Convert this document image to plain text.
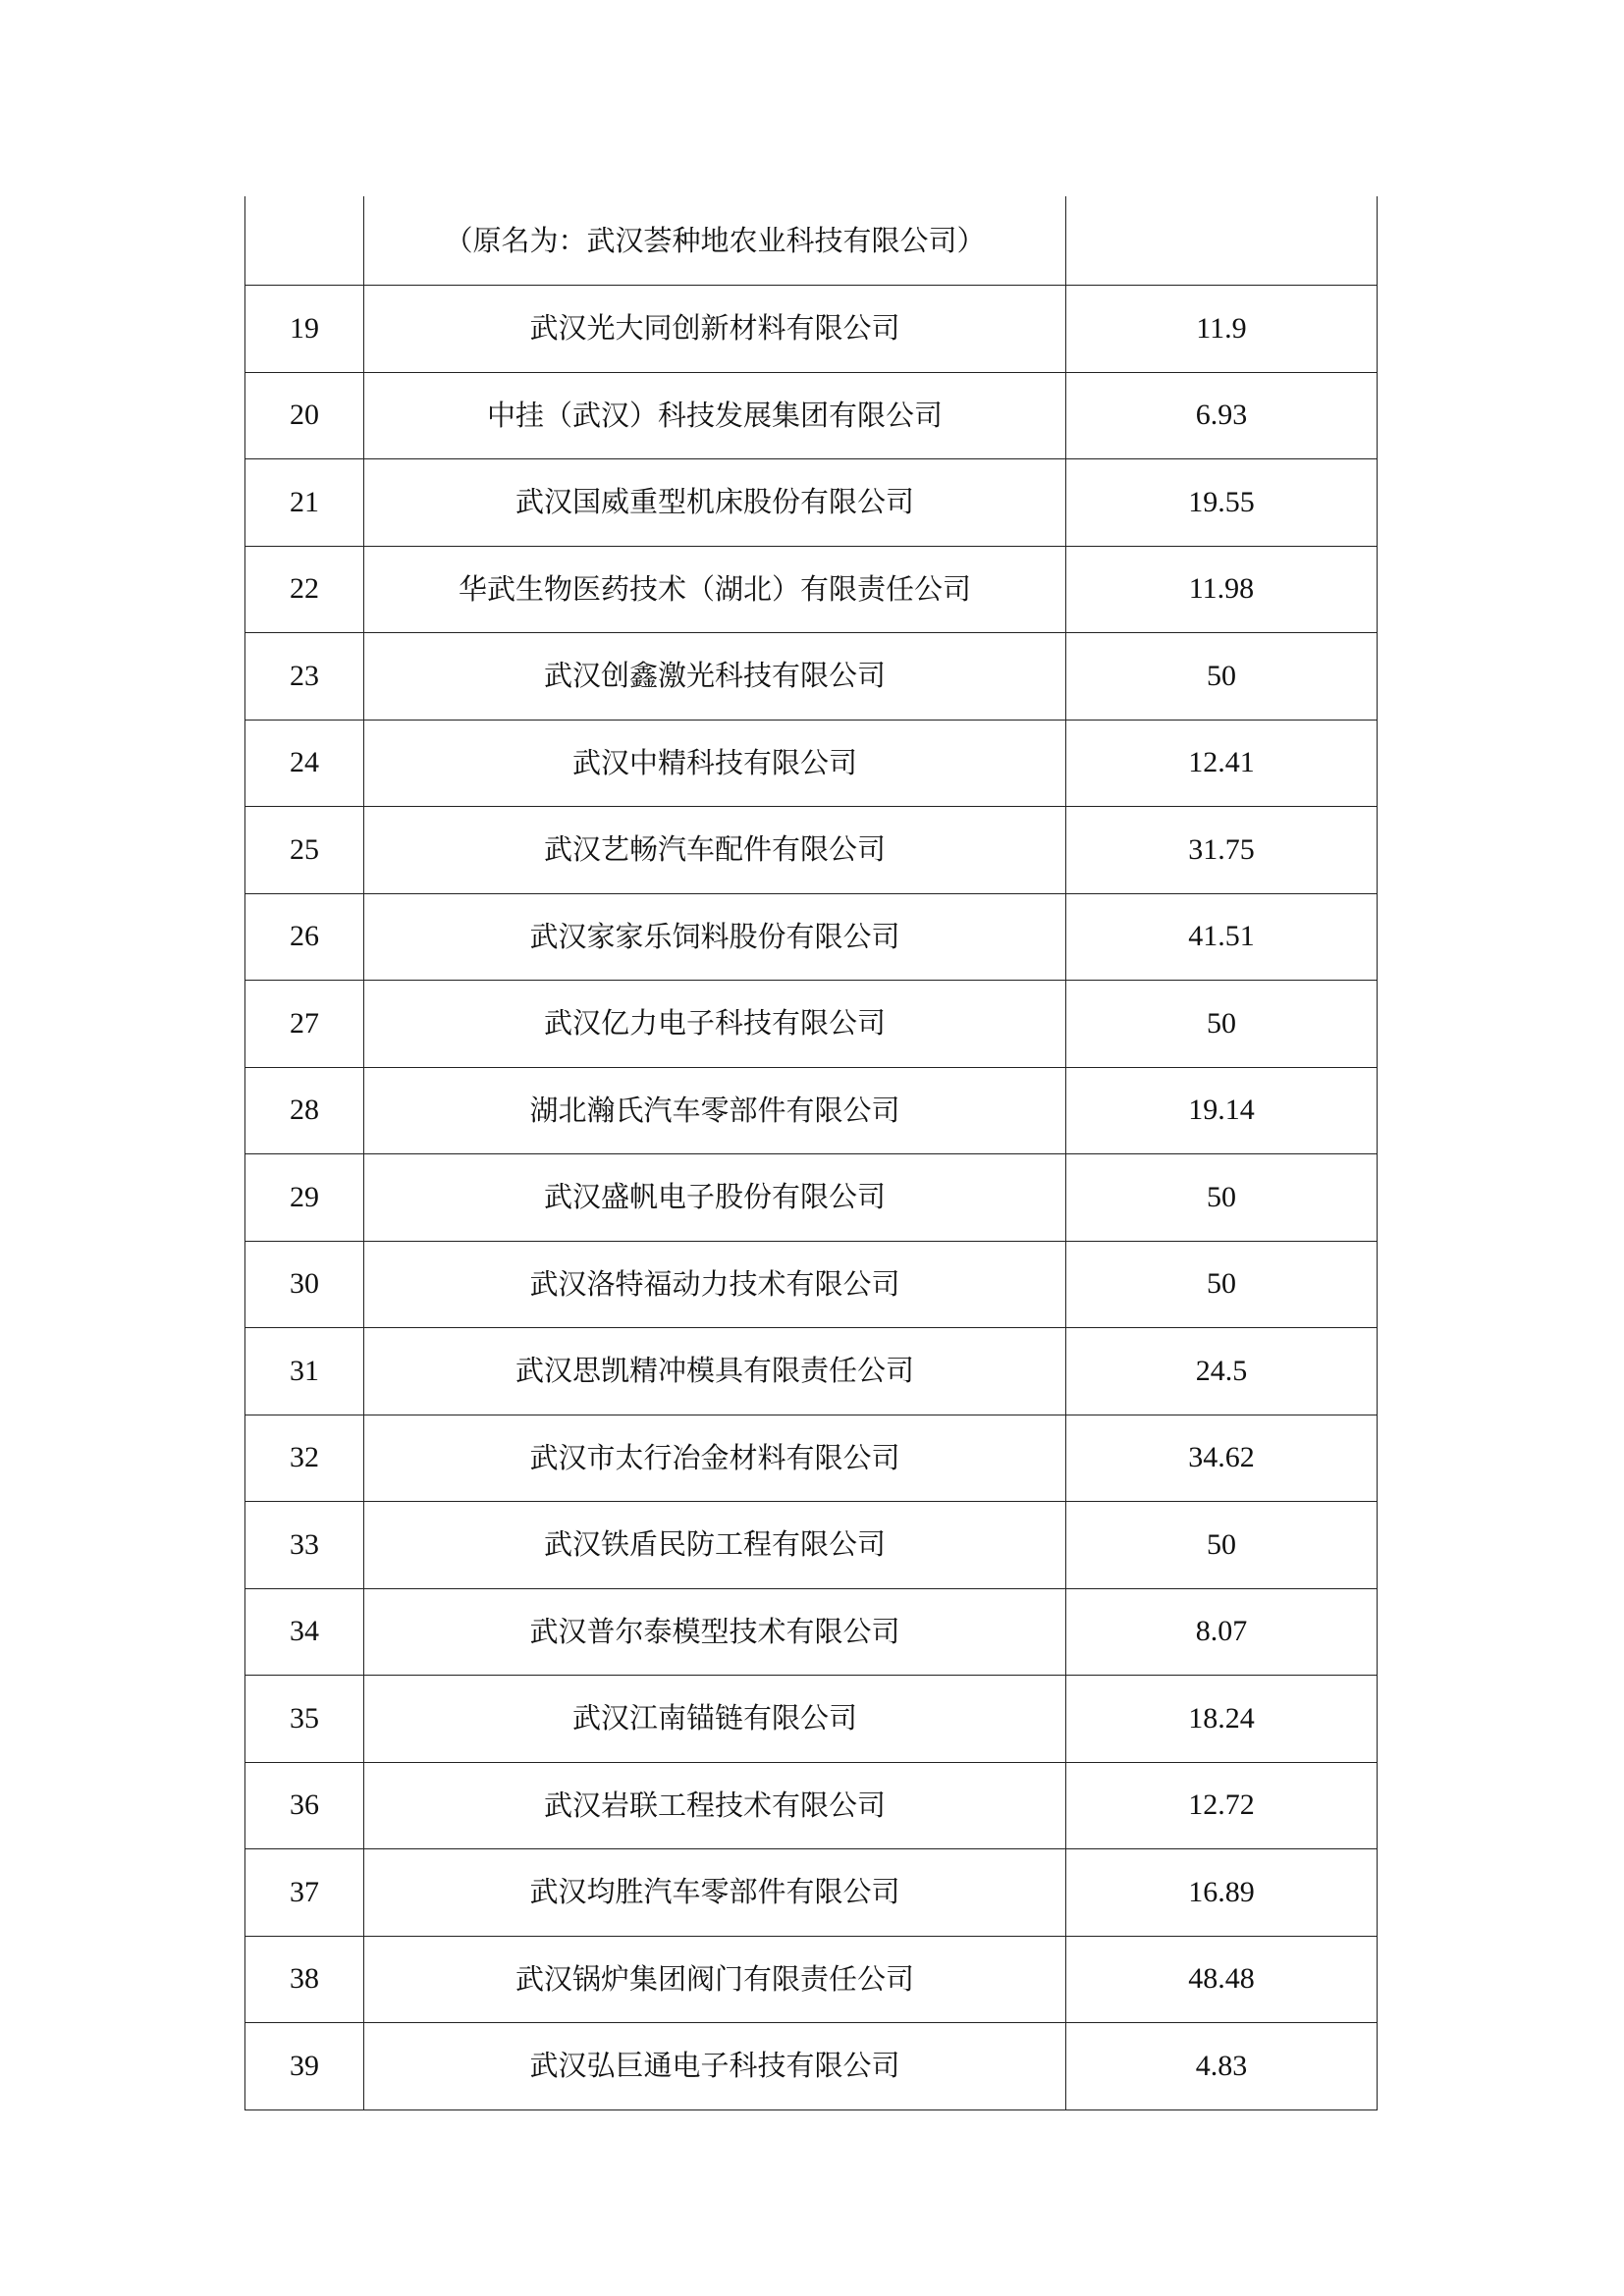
	（原名为：武汉荟种地农业科技有限公司）	
19	武汉光大同创新材料有限公司	11.9
20	中挂（武汉）科技发展集团有限公司	6.93
21	武汉国威重型机床股份有限公司	19.55
22	华武生物医药技术（湖北）有限责任公司	11.98
23	武汉创鑫激光科技有限公司	50
24	武汉中精科技有限公司	12.41
25	武汉艺畅汽车配件有限公司	31.75
26	武汉家家乐饲料股份有限公司	41.51
27	武汉亿力电子科技有限公司	50
28	湖北瀚氏汽车零部件有限公司	19.14
29	武汉盛帆电子股份有限公司	50
30	武汉洛特福动力技术有限公司	50
31	武汉思凯精冲模具有限责任公司	24.5
32	武汉市太行冶金材料有限公司	34.62
33	武汉铁盾民防工程有限公司	50
34	武汉普尔泰模型技术有限公司	8.07
35	武汉江南锚链有限公司	18.24
36	武汉岩联工程技术有限公司	12.72
37	武汉均胜汽车零部件有限公司	16.89
38	武汉锅炉集团阀门有限责任公司	48.48
39	武汉弘巨通电子科技有限公司	4.83
